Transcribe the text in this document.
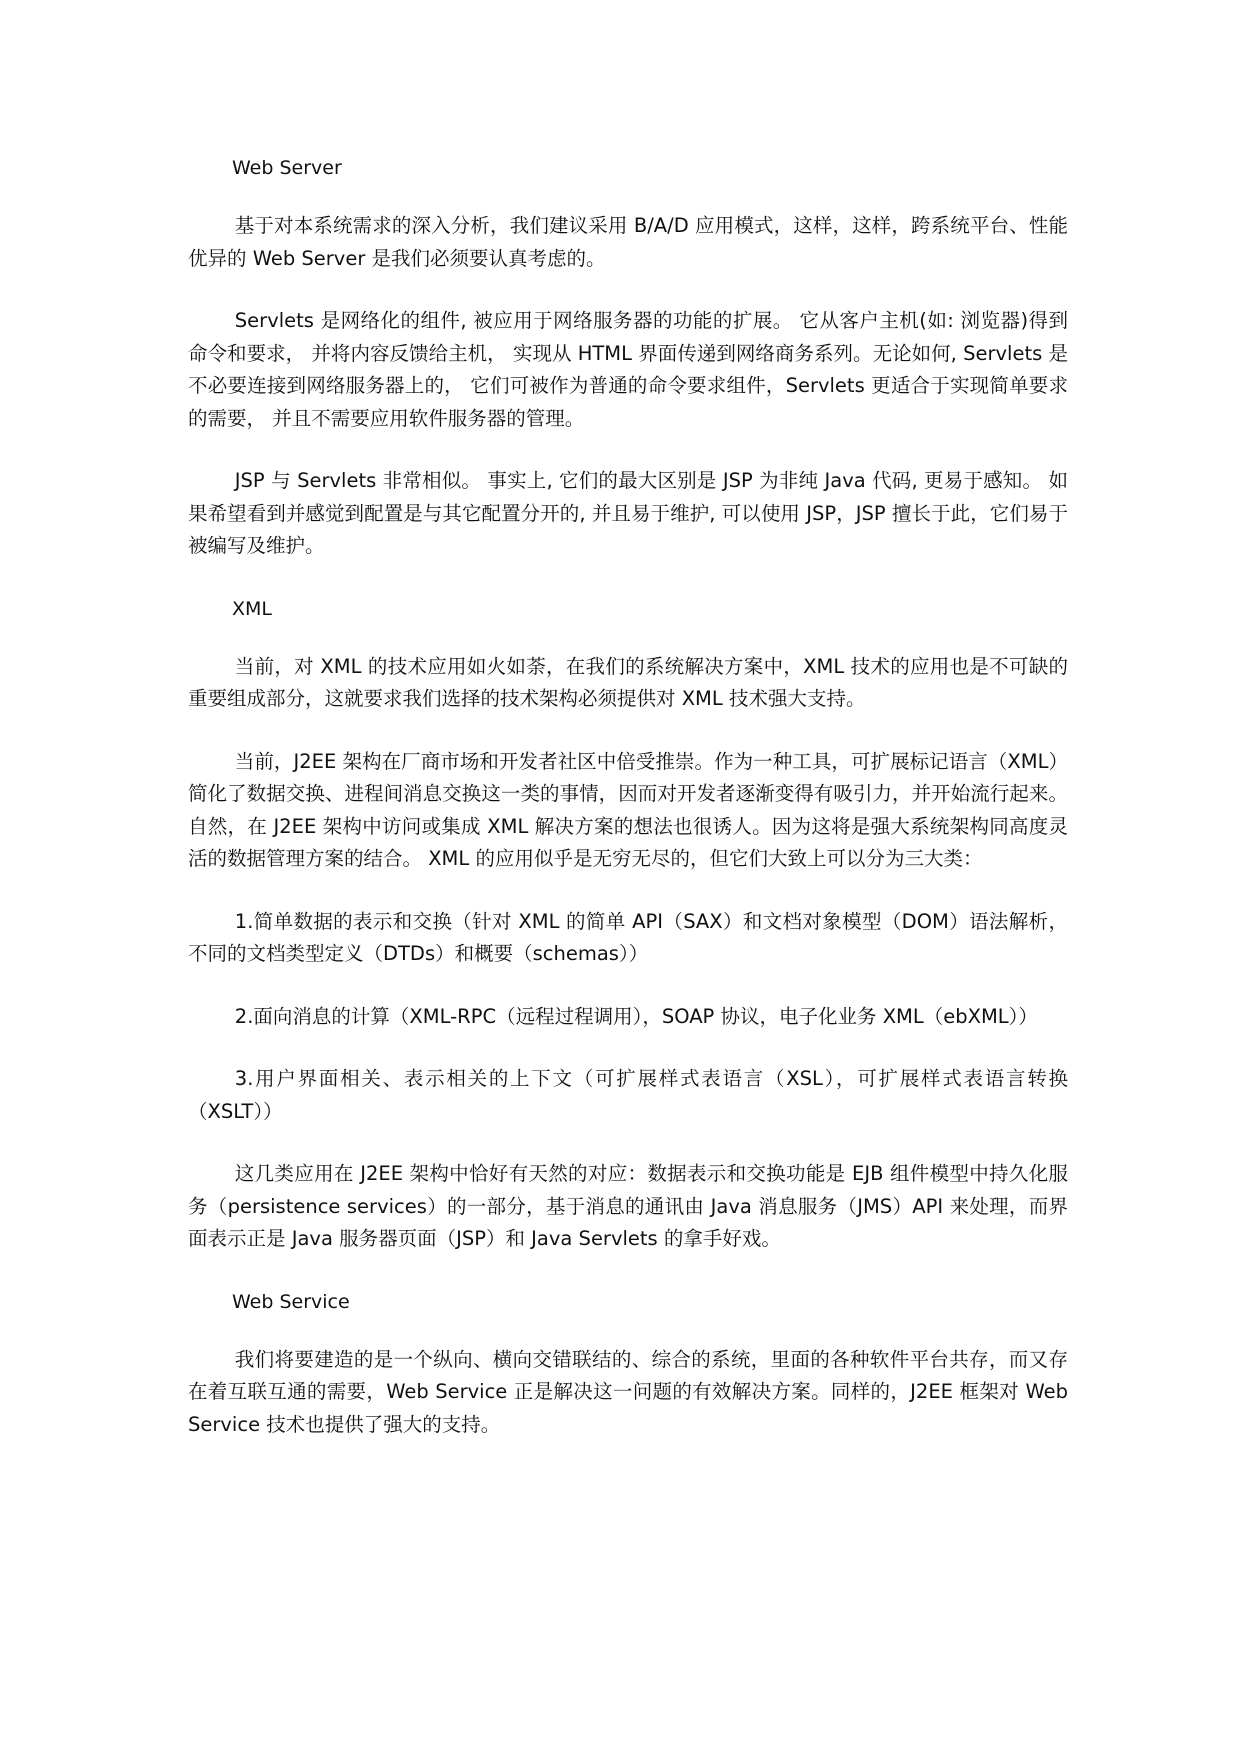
Web Server

基于对本系统需求的深入分析，我们建议采用 B/A/D 应用模式，这样，这样，跨系统平台、性能优异的 Web Server 是我们必须要认真考虑的。

Servlets 是网络化的组件, 被应用于网络服务器的功能的扩展。 它从客户主机(如: 浏览器)得到命令和要求， 并将内容反馈给主机， 实现从 HTML 界面传递到网络商务系列。无论如何, Servlets 是不必要连接到网络服务器上的， 它们可被作为普通的命令要求组件，Servlets 更适合于实现简单要求的需要， 并且不需要应用软件服务器的管理。

JSP 与 Servlets 非常相似。 事实上, 它们的最大区别是 JSP 为非纯 Java 代码, 更易于感知。 如果希望看到并感觉到配置是与其它配置分开的, 并且易于维护, 可以使用 JSP，JSP 擅长于此，它们易于被编写及维护。

XML

当前，对 XML 的技术应用如火如荼，在我们的系统解决方案中，XML 技术的应用也是不可缺的重要组成部分，这就要求我们选择的技术架构必须提供对 XML 技术强大支持。

当前，J2EE 架构在厂商市场和开发者社区中倍受推崇。作为一种工具，可扩展标记语言（XML）简化了数据交换、进程间消息交换这一类的事情，因而对开发者逐渐变得有吸引力，并开始流行起来。自然，在 J2EE 架构中访问或集成 XML 解决方案的想法也很诱人。因为这将是强大系统架构同高度灵活的数据管理方案的结合。 XML 的应用似乎是无穷无尽的，但它们大致上可以分为三大类：

1.简单数据的表示和交换（针对 XML 的简单 API（SAX）和文档对象模型（DOM）语法解析，不同的文档类型定义（DTDs）和概要（schemas））

2.面向消息的计算（XML-RPC（远程过程调用），SOAP 协议，电子化业务 XML（ebXML））

3.用户界面相关、表示相关的上下文（可扩展样式表语言（XSL），可扩展样式表语言转换（XSLT））

这几类应用在 J2EE 架构中恰好有天然的对应：数据表示和交换功能是 EJB 组件模型中持久化服务（persistence services）的一部分，基于消息的通讯由 Java 消息服务（JMS）API 来处理，而界面表示正是 Java 服务器页面（JSP）和 Java Servlets 的拿手好戏。

Web Service

我们将要建造的是一个纵向、横向交错联结的、综合的系统，里面的各种软件平台共存，而又存在着互联互通的需要，Web Service 正是解决这一问题的有效解决方案。同样的，J2EE 框架对 Web Service 技术也提供了强大的支持。
